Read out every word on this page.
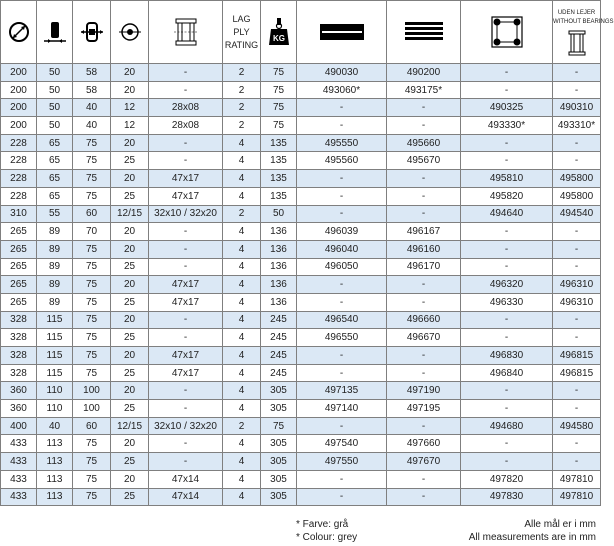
LAG
PLY
RATING	KG				UDEN LEJER
WITHOUT BEARINGS

200	50	58	20	-	2	75	490030	490200	-	-
200	50	58	20	-	2	75	493060*	493175*	-	-
200	50	40	12	28x08	2	75	-	-	490325	490310
200	50	40	12	28x08	2	75	-	-	493330*	493310*
228	65	75	20	-	4	135	495550	495660	-	-
228	65	75	25	-	4	135	495560	495670	-	-
228	65	75	20	47x17	4	135	-	-	495810	495800
228	65	75	25	47x17	4	135	-	-	495820	495800
310	55	60	12/15	32x10 / 32x20	2	50	-	-	494640	494540
265	89	70	20	-	4	136	496039	496167	-	-
265	89	75	20	-	4	136	496040	496160	-	-
265	89	75	25	-	4	136	496050	496170	-	-
265	89	75	20	47x17	4	136	-	-	496320	496310
265	89	75	25	47x17	4	136	-	-	496330	496310
328	115	75	20	-	4	245	496540	496660	-	-
328	115	75	25	-	4	245	496550	496670	-	-
328	115	75	20	47x17	4	245	-	-	496830	496815
328	115	75	25	47x17	4	245	-	-	496840	496815
360	110	100	20	-	4	305	497135	497190	-	-
360	110	100	25	-	4	305	497140	497195	-	-
400	40	60	12/15	32x10 / 32x20	2	75	-	-	494680	494580
433	113	75	20	-	4	305	497540	497660	-	-
433	113	75	25	-	4	305	497550	497670	-	-
433	113	75	20	47x14	4	305	-	-	497820	497810
433	113	75	25	47x14	4	305	-	-	497830	497810
* Farve: grå
* Colour: grey
Alle mål er i mm
All measurements are in mm
